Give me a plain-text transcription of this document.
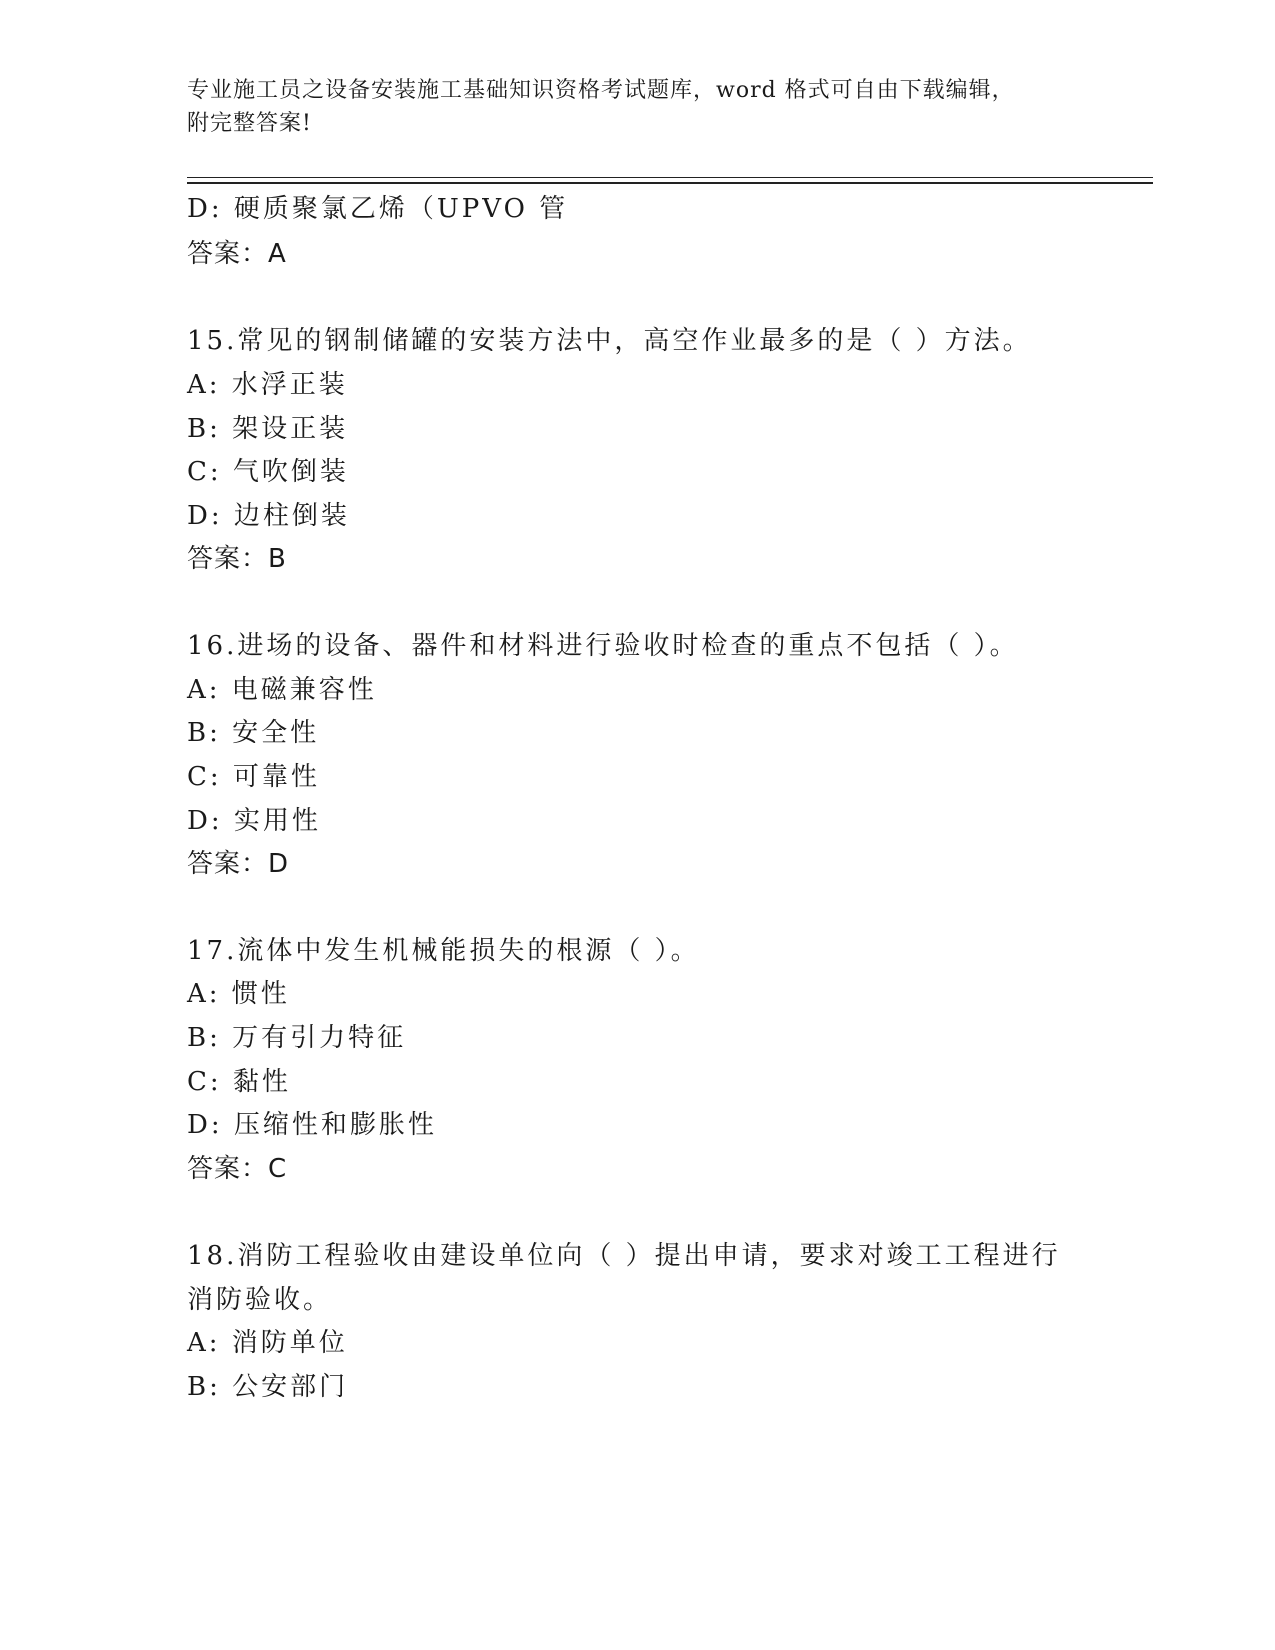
专业施工员之设备安装施工基础知识资格考试题库，word 格式可自由下载编辑，
附完整答案!
D: 硬质聚氯乙烯（UPVO 管
答案：A
15.常见的钢制储罐的安装方法中，高空作业最多的是（ ）方法。
A: 水浮正装
B: 架设正装
C: 气吹倒装
D: 边柱倒装
答案：B
16.进场的设备、器件和材料进行验收时检查的重点不包括（ ）。
A: 电磁兼容性
B: 安全性
C: 可靠性
D: 实用性
答案：D
17.流体中发生机械能损失的根源（ ）。
A: 惯性
B: 万有引力特征
C: 黏性
D: 压缩性和膨胀性
答案：C
18.消防工程验收由建设单位向（ ）提出申请，要求对竣工工程进行
消防验收。
A: 消防单位
B: 公安部门
